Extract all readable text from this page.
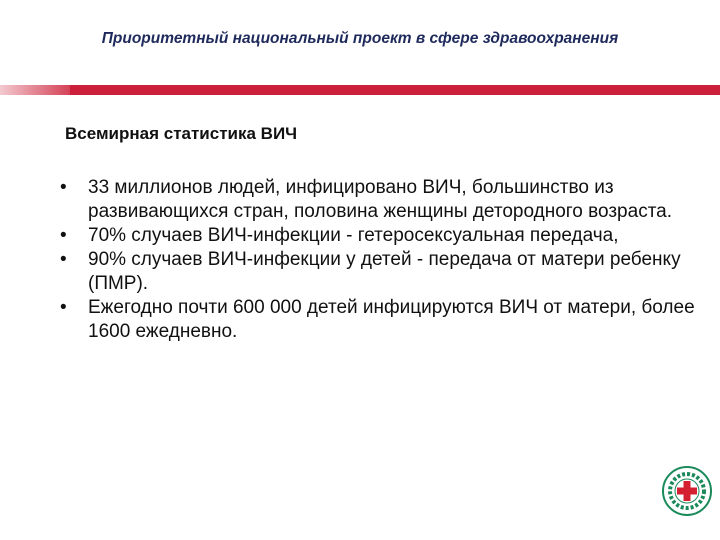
Приоритетный национальный проект в сфере здравоохранения
Всемирная статистика ВИЧ
• 33 миллионов людей, инфицировано ВИЧ, большинство из развивающихся стран, половина женщины детородного возраста.
• 70% случаев ВИЧ-инфекции - гетеросексуальная передача,
• 90% случаев ВИЧ-инфекции у детей - передача от матери ребенку (ПМР).
• Ежегодно почти 600 000 детей инфицируются ВИЧ от матери, более 1600 ежедневно.
